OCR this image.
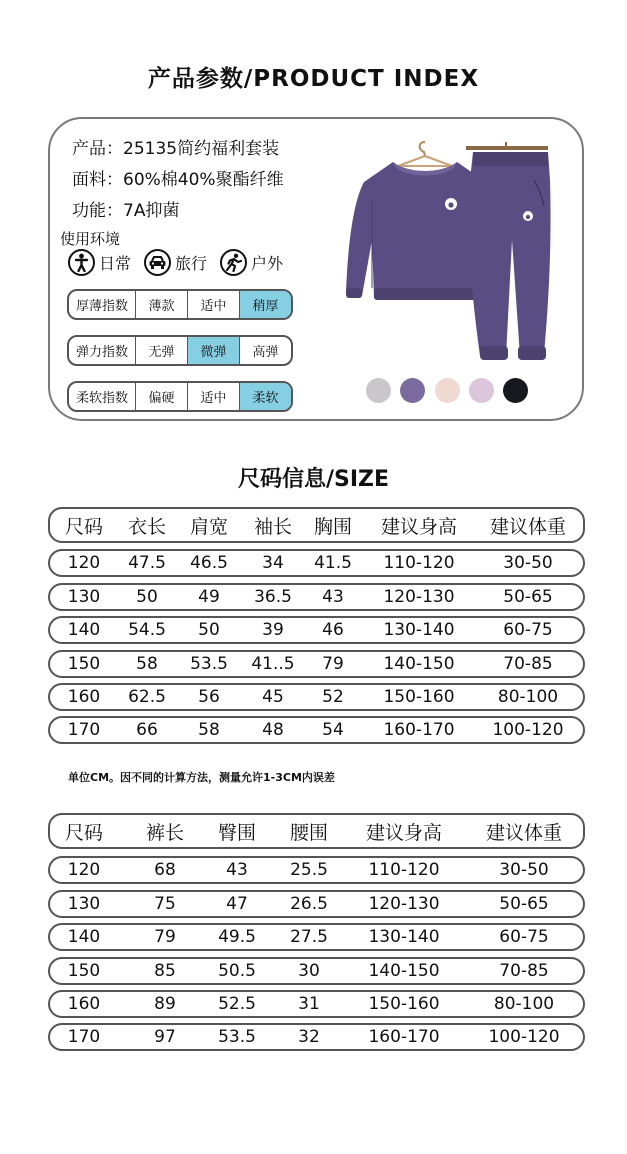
产品参数/PRODUCT INDEX
产品：25135简约福利套装
面料：60%棉40%聚酯纤维
功能：7A抑菌
使用环境
日常	旅行	户外
厚薄指数	薄款	适中	稍厚
弹力指数	无弹	微弹	高弹
柔软指数	偏硬	适中	柔软
尺码信息/SIZE
尺码	衣长	肩宽	袖长	胸围	建议身高	建议体重
120	47.5	46.5	34	41.5	110-120	30-50
130	50	49	36.5	43	120-130	50-65
140	54.5	50	39	46	130-140	60-75
150	58	53.5	41..5	79	140-150	70-85
160	62.5	56	45	52	150-160	80-100
170	66	58	48	54	160-170	100-120
单位CM。因不同的计算方法，测量允许1-3CM内误差
尺码	裤长	臀围	腰围	建议身高	建议体重
120	68	43	25.5	110-120	30-50
130	75	47	26.5	120-130	50-65
140	79	49.5	27.5	130-140	60-75
150	85	50.5	30	140-150	70-85
160	89	52.5	31	150-160	80-100
170	97	53.5	32	160-170	100-120
